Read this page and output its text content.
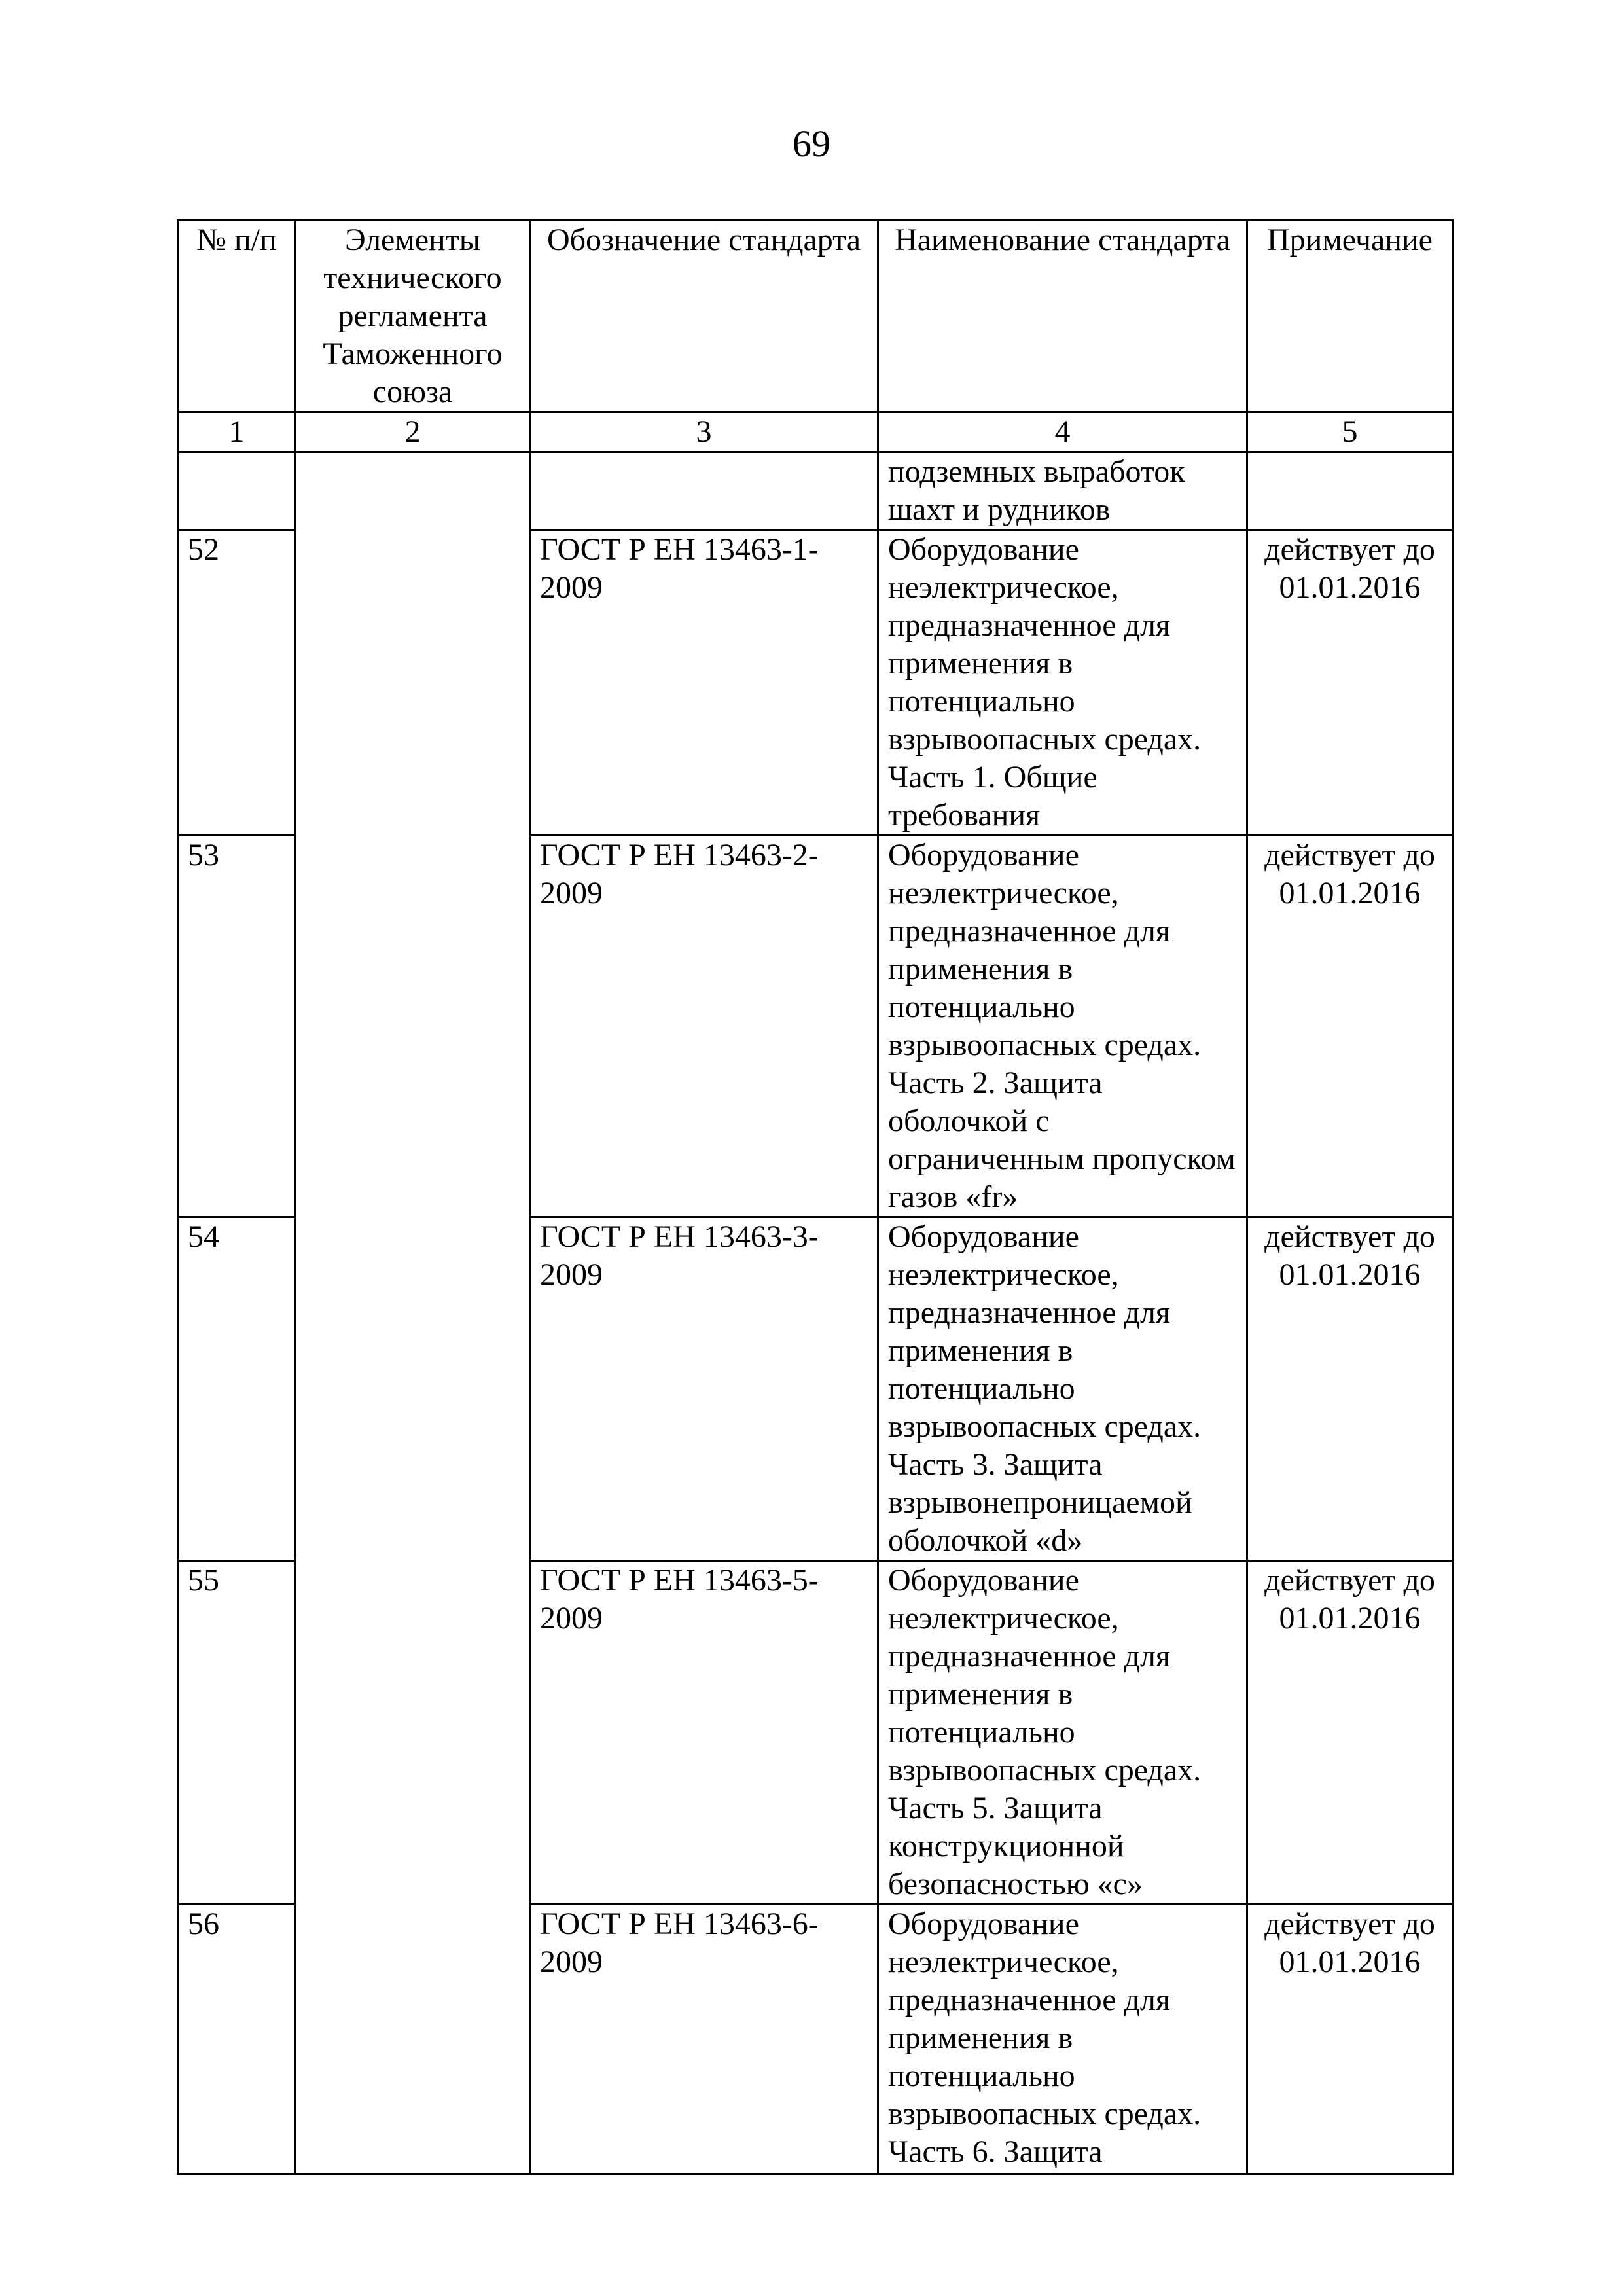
69
№ п/п	Элементы технического регламента Таможенного союза	Обозначение стандарта	Наименование стандарта	Примечание
1	2	3	4	5
			подземных выработок шахт и рудников	
52		ГОСТ Р ЕН 13463-1-2009	Оборудование неэлектрическое, предназначенное для применения в потенциально взрывоопасных средах. Часть 1. Общие требования	действует до 01.01.2016
53		ГОСТ Р ЕН 13463-2-2009	Оборудование неэлектрическое, предназначенное для применения в потенциально взрывоопасных средах. Часть 2. Защита оболочкой с ограниченным пропуском газов «fr»	действует до 01.01.2016
54		ГОСТ Р ЕН 13463-3-2009	Оборудование неэлектрическое, предназначенное для применения в потенциально взрывоопасных средах. Часть 3. Защита взрывонепроницаемой оболочкой «d»	действует до 01.01.2016
55		ГОСТ Р ЕН 13463-5-2009	Оборудование неэлектрическое, предназначенное для применения в потенциально взрывоопасных средах. Часть 5. Защита конструкционной безопасностью «c»	действует до 01.01.2016
56		ГОСТ Р ЕН 13463-6-2009	Оборудование неэлектрическое, предназначенное для применения в потенциально взрывоопасных средах. Часть 6. Защита	действует до 01.01.2016
